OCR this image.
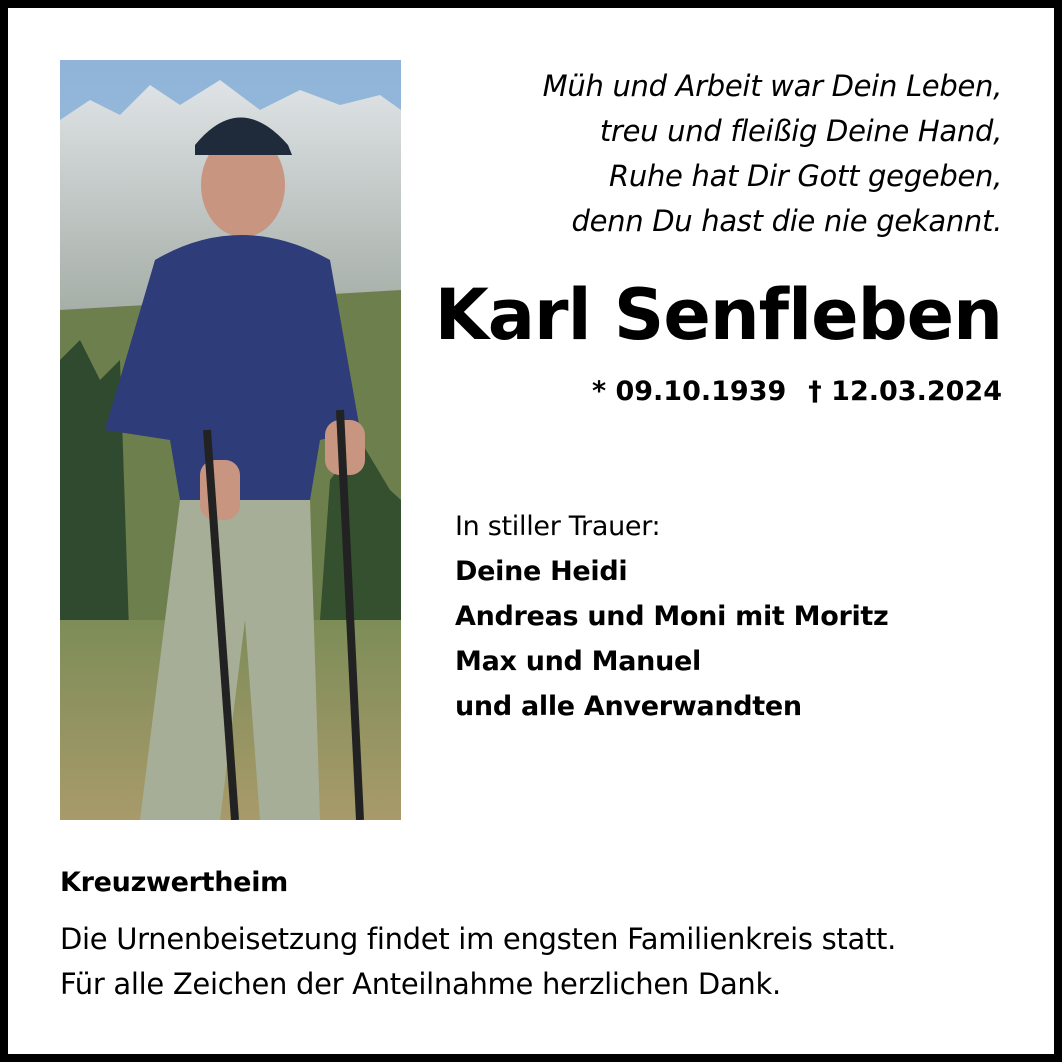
Müh und Arbeit war Dein Leben,
treu und fleißig Deine Hand,
Ruhe hat Dir Gott gegeben,
denn Du hast die nie gekannt.
Karl Senfleben
* 09.10.1939 † 12.03.2024
In stiller Trauer:
Deine Heidi
Andreas und Moni mit Moritz
Max und Manuel
und alle Anverwandten
Kreuzwertheim
Die Urnenbeisetzung findet im engsten Familienkreis statt.
Für alle Zeichen der Anteilnahme herzlichen Dank.
